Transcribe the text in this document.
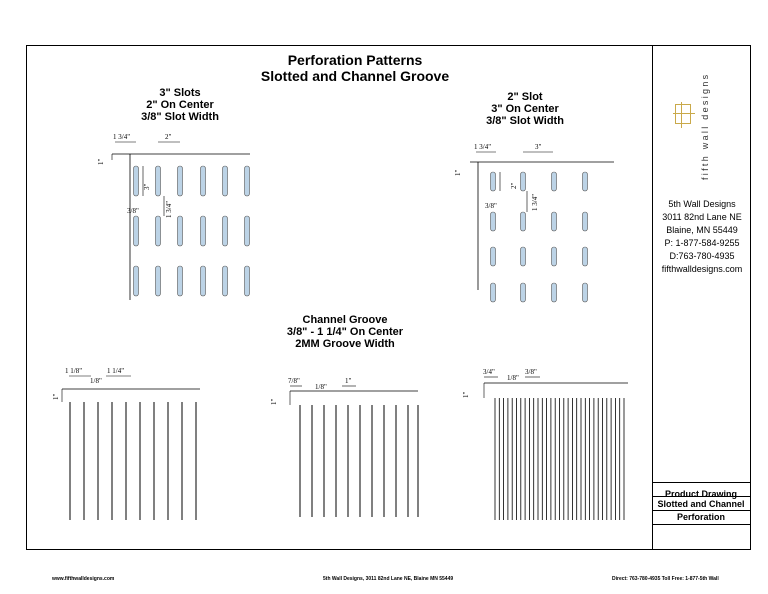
Perforation Patterns
Slotted and Channel Groove
3" Slots
2" On Center
3/8" Slot Width
2" Slot
3" On Center
3/8" Slot Width
Channel Groove
3/8" - 1 1/4" On Center
2MM Groove Width
1 3/4"	2"
1"
3"
3/8"	1 3/4"
1 3/4"	3"
1"
2"
3/8"	1 3/4"
1 1/8"	1 1/4"
1/8"
1"
7/8"
1/8"
1"
1"
3/4"
1/8"
3/8"
1"
fifth wall designs
5th Wall Designs
3011 82nd Lane NE
Blaine, MN 55449
P: 1-877-584-9255
D:763-780-4935
fifthwalldesigns.com
Product Drawing
Slotted and Channel
Perforation
www.fifthwalldesigns.com	5th Wall Designs, 3011 82nd Lane NE, Blaine MN 55449	Direct: 763-780-4935 Toll Free: 1-877-5th Wall
